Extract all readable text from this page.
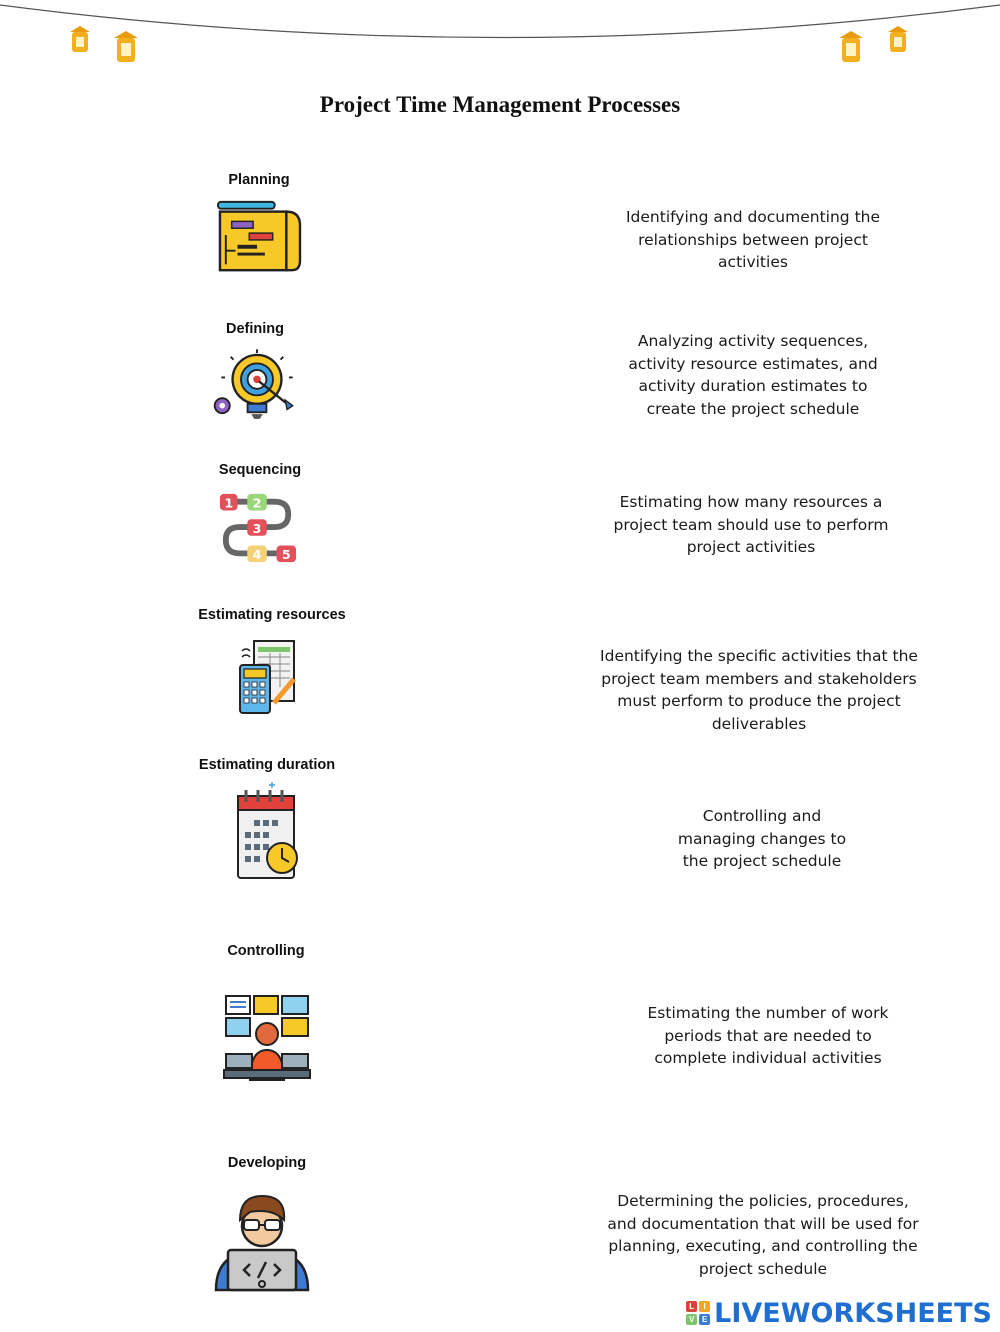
Project Time Management Processes
Planning
Defining
Sequencing
Estimating resources
Estimating duration
Controlling
Developing
1 2
3
4 5
Identifying and documenting the
relationships between project
activities
Analyzing activity sequences,
activity resource estimates, and
activity duration estimates to
create the project schedule
Estimating how many resources a
project team should use to perform
project activities
Identifying the specific activities that the
project team members and stakeholders
must perform to produce the project
deliverables
Controlling and
managing changes to
the project schedule
Estimating the number of work
periods that are needed to
complete individual activities
Determining the policies, procedures,
and documentation that will be used for
planning, executing, and controlling the
project schedule
L	I
V E LIVEWORKSHEETS
